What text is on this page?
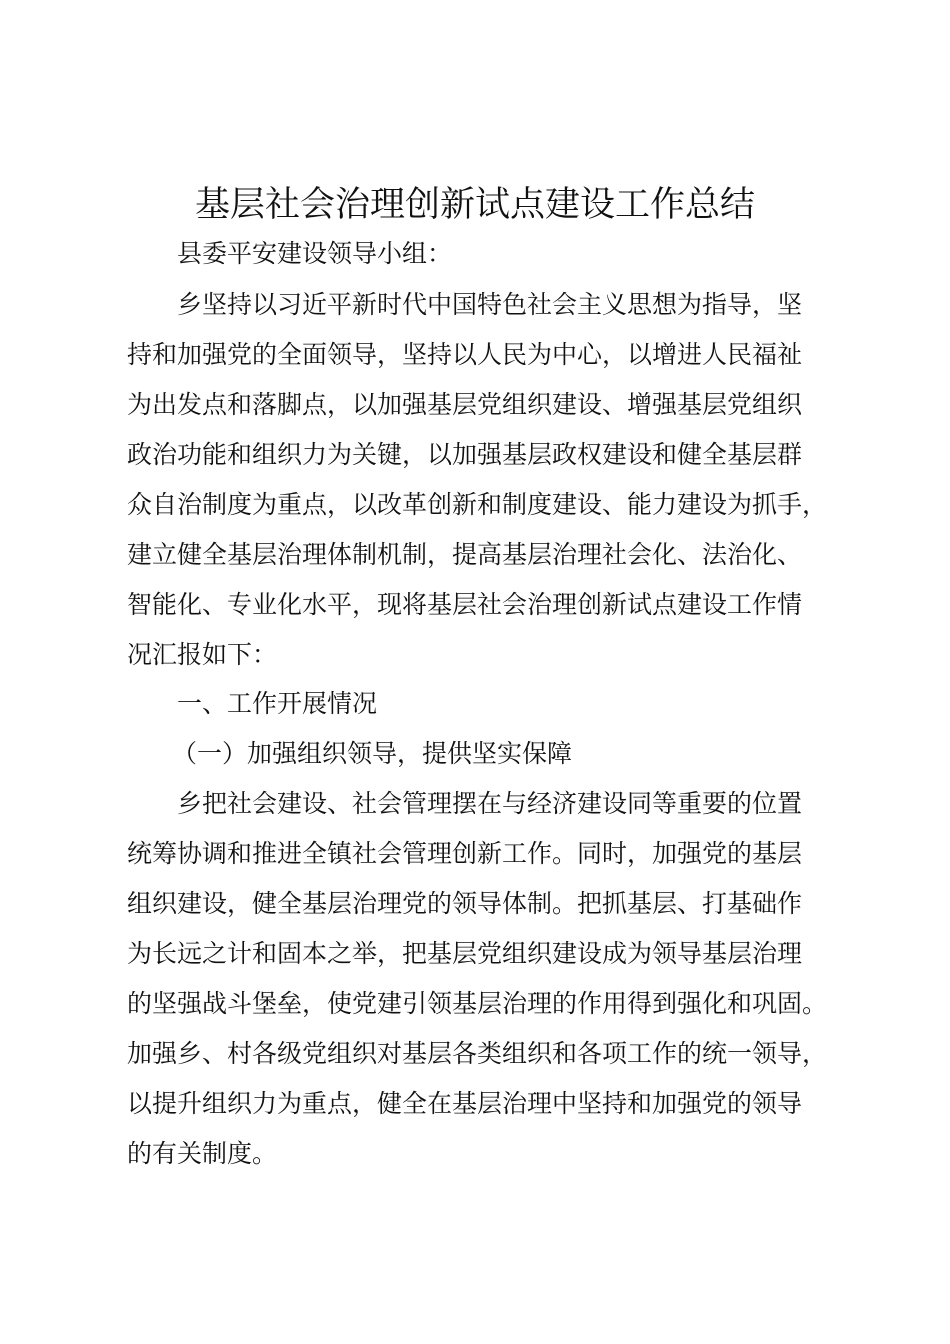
基层社会治理创新试点建设工作总结
县委平安建设领导小组：
乡坚持以习近平新时代中国特色社会主义思想为指导，坚
持和加强党的全面领导，坚持以人民为中心，以增进人民福祉
为出发点和落脚点，以加强基层党组织建设、增强基层党组织
政治功能和组织力为关键，以加强基层政权建设和健全基层群
众自治制度为重点，以改革创新和制度建设、能力建设为抓手，
建立健全基层治理体制机制，提高基层治理社会化、法治化、
智能化、专业化水平，现将基层社会治理创新试点建设工作情
况汇报如下：
一、工作开展情况
（一）加强组织领导，提供坚实保障
乡把社会建设、社会管理摆在与经济建设同等重要的位置
统筹协调和推进全镇社会管理创新工作。同时，加强党的基层
组织建设，健全基层治理党的领导体制。把抓基层、打基础作
为长远之计和固本之举，把基层党组织建设成为领导基层治理
的坚强战斗堡垒，使党建引领基层治理的作用得到强化和巩固。
加强乡、村各级党组织对基层各类组织和各项工作的统一领导，
以提升组织力为重点，健全在基层治理中坚持和加强党的领导
的有关制度。
